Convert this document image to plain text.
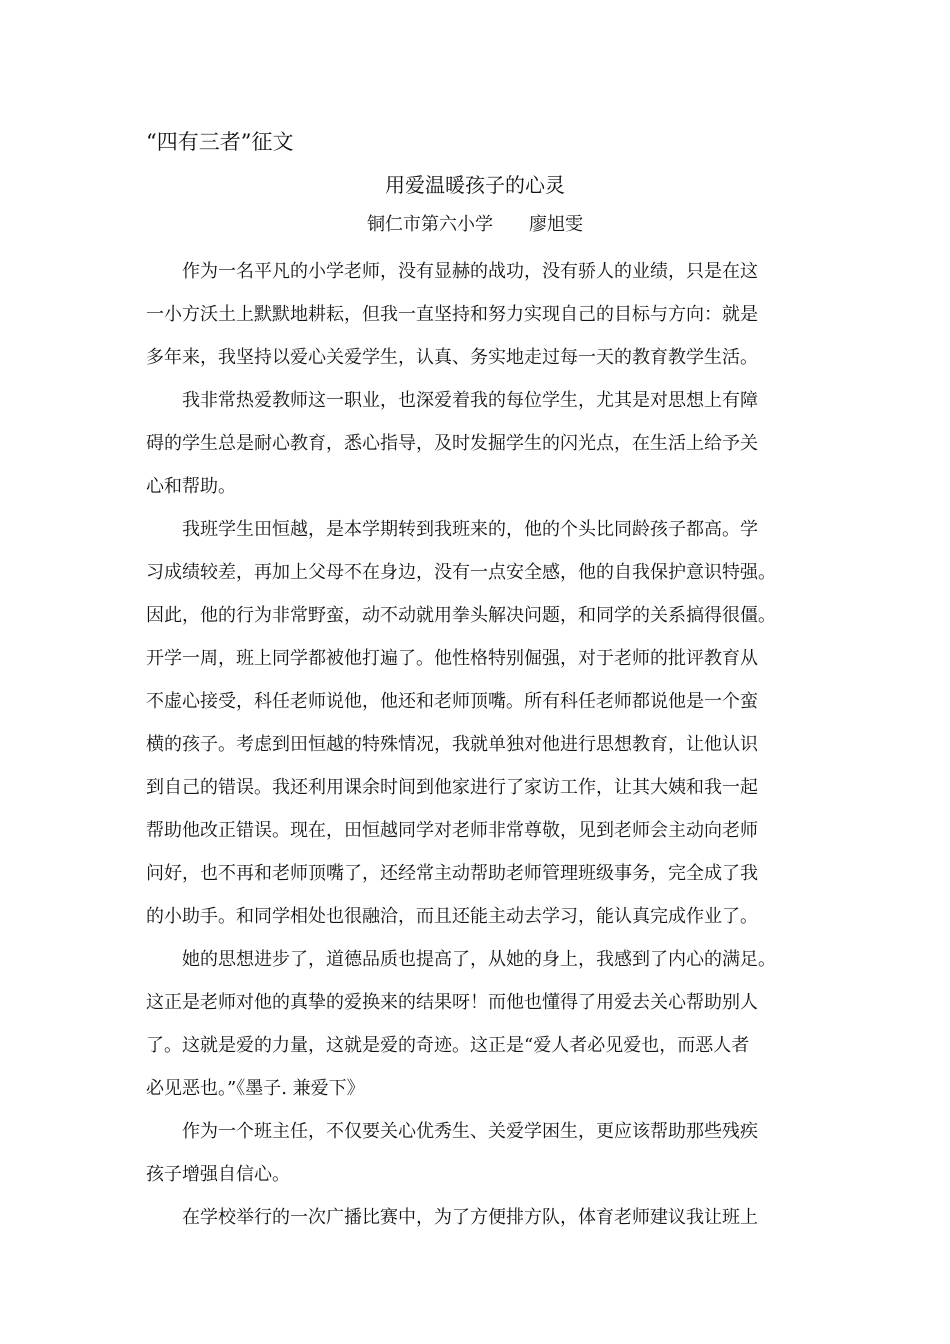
“四有三者”征文
用爱温暖孩子的心灵
铜仁市第六小学 廖旭雯
作为一名平凡的小学老师，没有显赫的战功，没有骄人的业绩，只是在这
一小方沃土上默默地耕耘，但我一直坚持和努力实现自己的目标与方向：就是
多年来，我坚持以爱心关爱学生，认真、务实地走过每一天的教育教学生活。
我非常热爱教师这一职业，也深爱着我的每位学生，尤其是对思想上有障
碍的学生总是耐心教育，悉心指导，及时发掘学生的闪光点，在生活上给予关
心和帮助。
我班学生田恒越，是本学期转到我班来的，他的个头比同龄孩子都高。学
习成绩较差，再加上父母不在身边，没有一点安全感，他的自我保护意识特强。
因此，他的行为非常野蛮，动不动就用拳头解决问题，和同学的关系搞得很僵。
开学一周，班上同学都被他打遍了。他性格特别倔强，对于老师的批评教育从
不虚心接受，科任老师说他，他还和老师顶嘴。所有科任老师都说他是一个蛮
横的孩子。考虑到田恒越的特殊情况，我就单独对他进行思想教育，让他认识
到自己的错误。我还利用课余时间到他家进行了家访工作，让其大姨和我一起
帮助他改正错误。现在，田恒越同学对老师非常尊敬，见到老师会主动向老师
问好，也不再和老师顶嘴了，还经常主动帮助老师管理班级事务，完全成了我
的小助手。和同学相处也很融洽，而且还能主动去学习，能认真完成作业了。
她的思想进步了，道德品质也提高了，从她的身上，我感到了内心的满足。
这正是老师对他的真挚的爱换来的结果呀！而他也懂得了用爱去关心帮助别人
了。这就是爱的力量，这就是爱的奇迹。这正是“爱人者必见爱也，而恶人者
必见恶也。”《墨子. 兼爱下》
作为一个班主任，不仅要关心优秀生、关爱学困生，更应该帮助那些残疾
孩子增强自信心。
在学校举行的一次广播比赛中，为了方便排方队，体育老师建议我让班上
